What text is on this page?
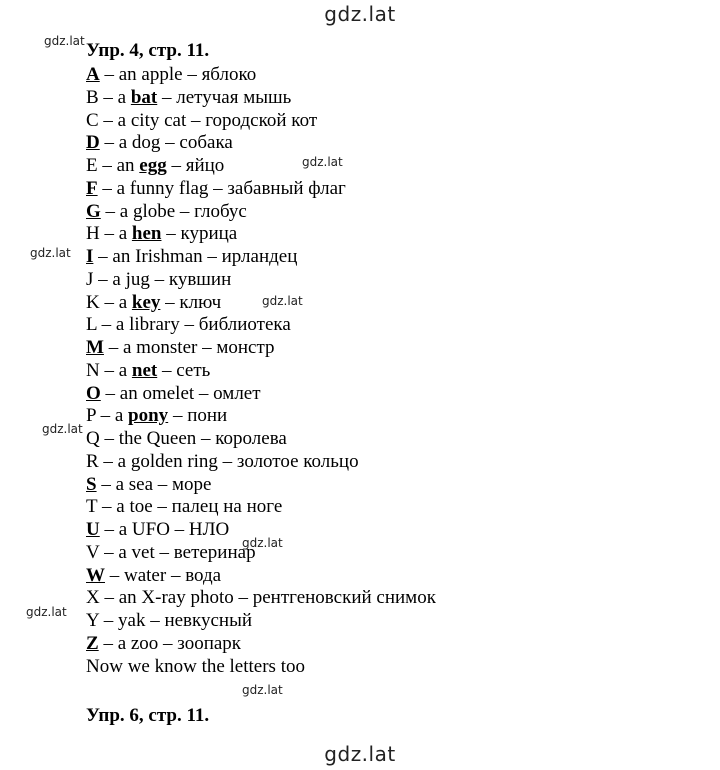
gdz.lat
Упр. 4, стр. 11.
A – an apple – яблоко
B – a bat – летучая мышь
C – a city cat – городской кот
D – a dog – собака
E – an egg – яйцо
F – a funny flag – забавный флаг
G – a globe – глобус
H – a hen – курица
I – an Irishman – ирландец
J – a jug – кувшин
K – a key – ключ
L – a library – библиотека
M – a monster – монстр
N – a net – сеть
O – an omelet – омлет
P – a pony – пони
Q – the Queen – королева
R – a golden ring – золотое кольцо
S – a sea – море
T – a toe – палец на ноге
U – a UFO – НЛО
V – a vet – ветеринар
W – water – вода
X – an X-ray photo – рентгеновский снимок
Y – yak – невкусный
Z – a zoo – зоопарк
Now we know the letters too
Упр. 6, стр. 11.
gdz.lat
gdz.lat
gdz.lat
gdz.lat
gdz.lat
gdz.lat
gdz.lat
gdz.lat
gdz.lat
